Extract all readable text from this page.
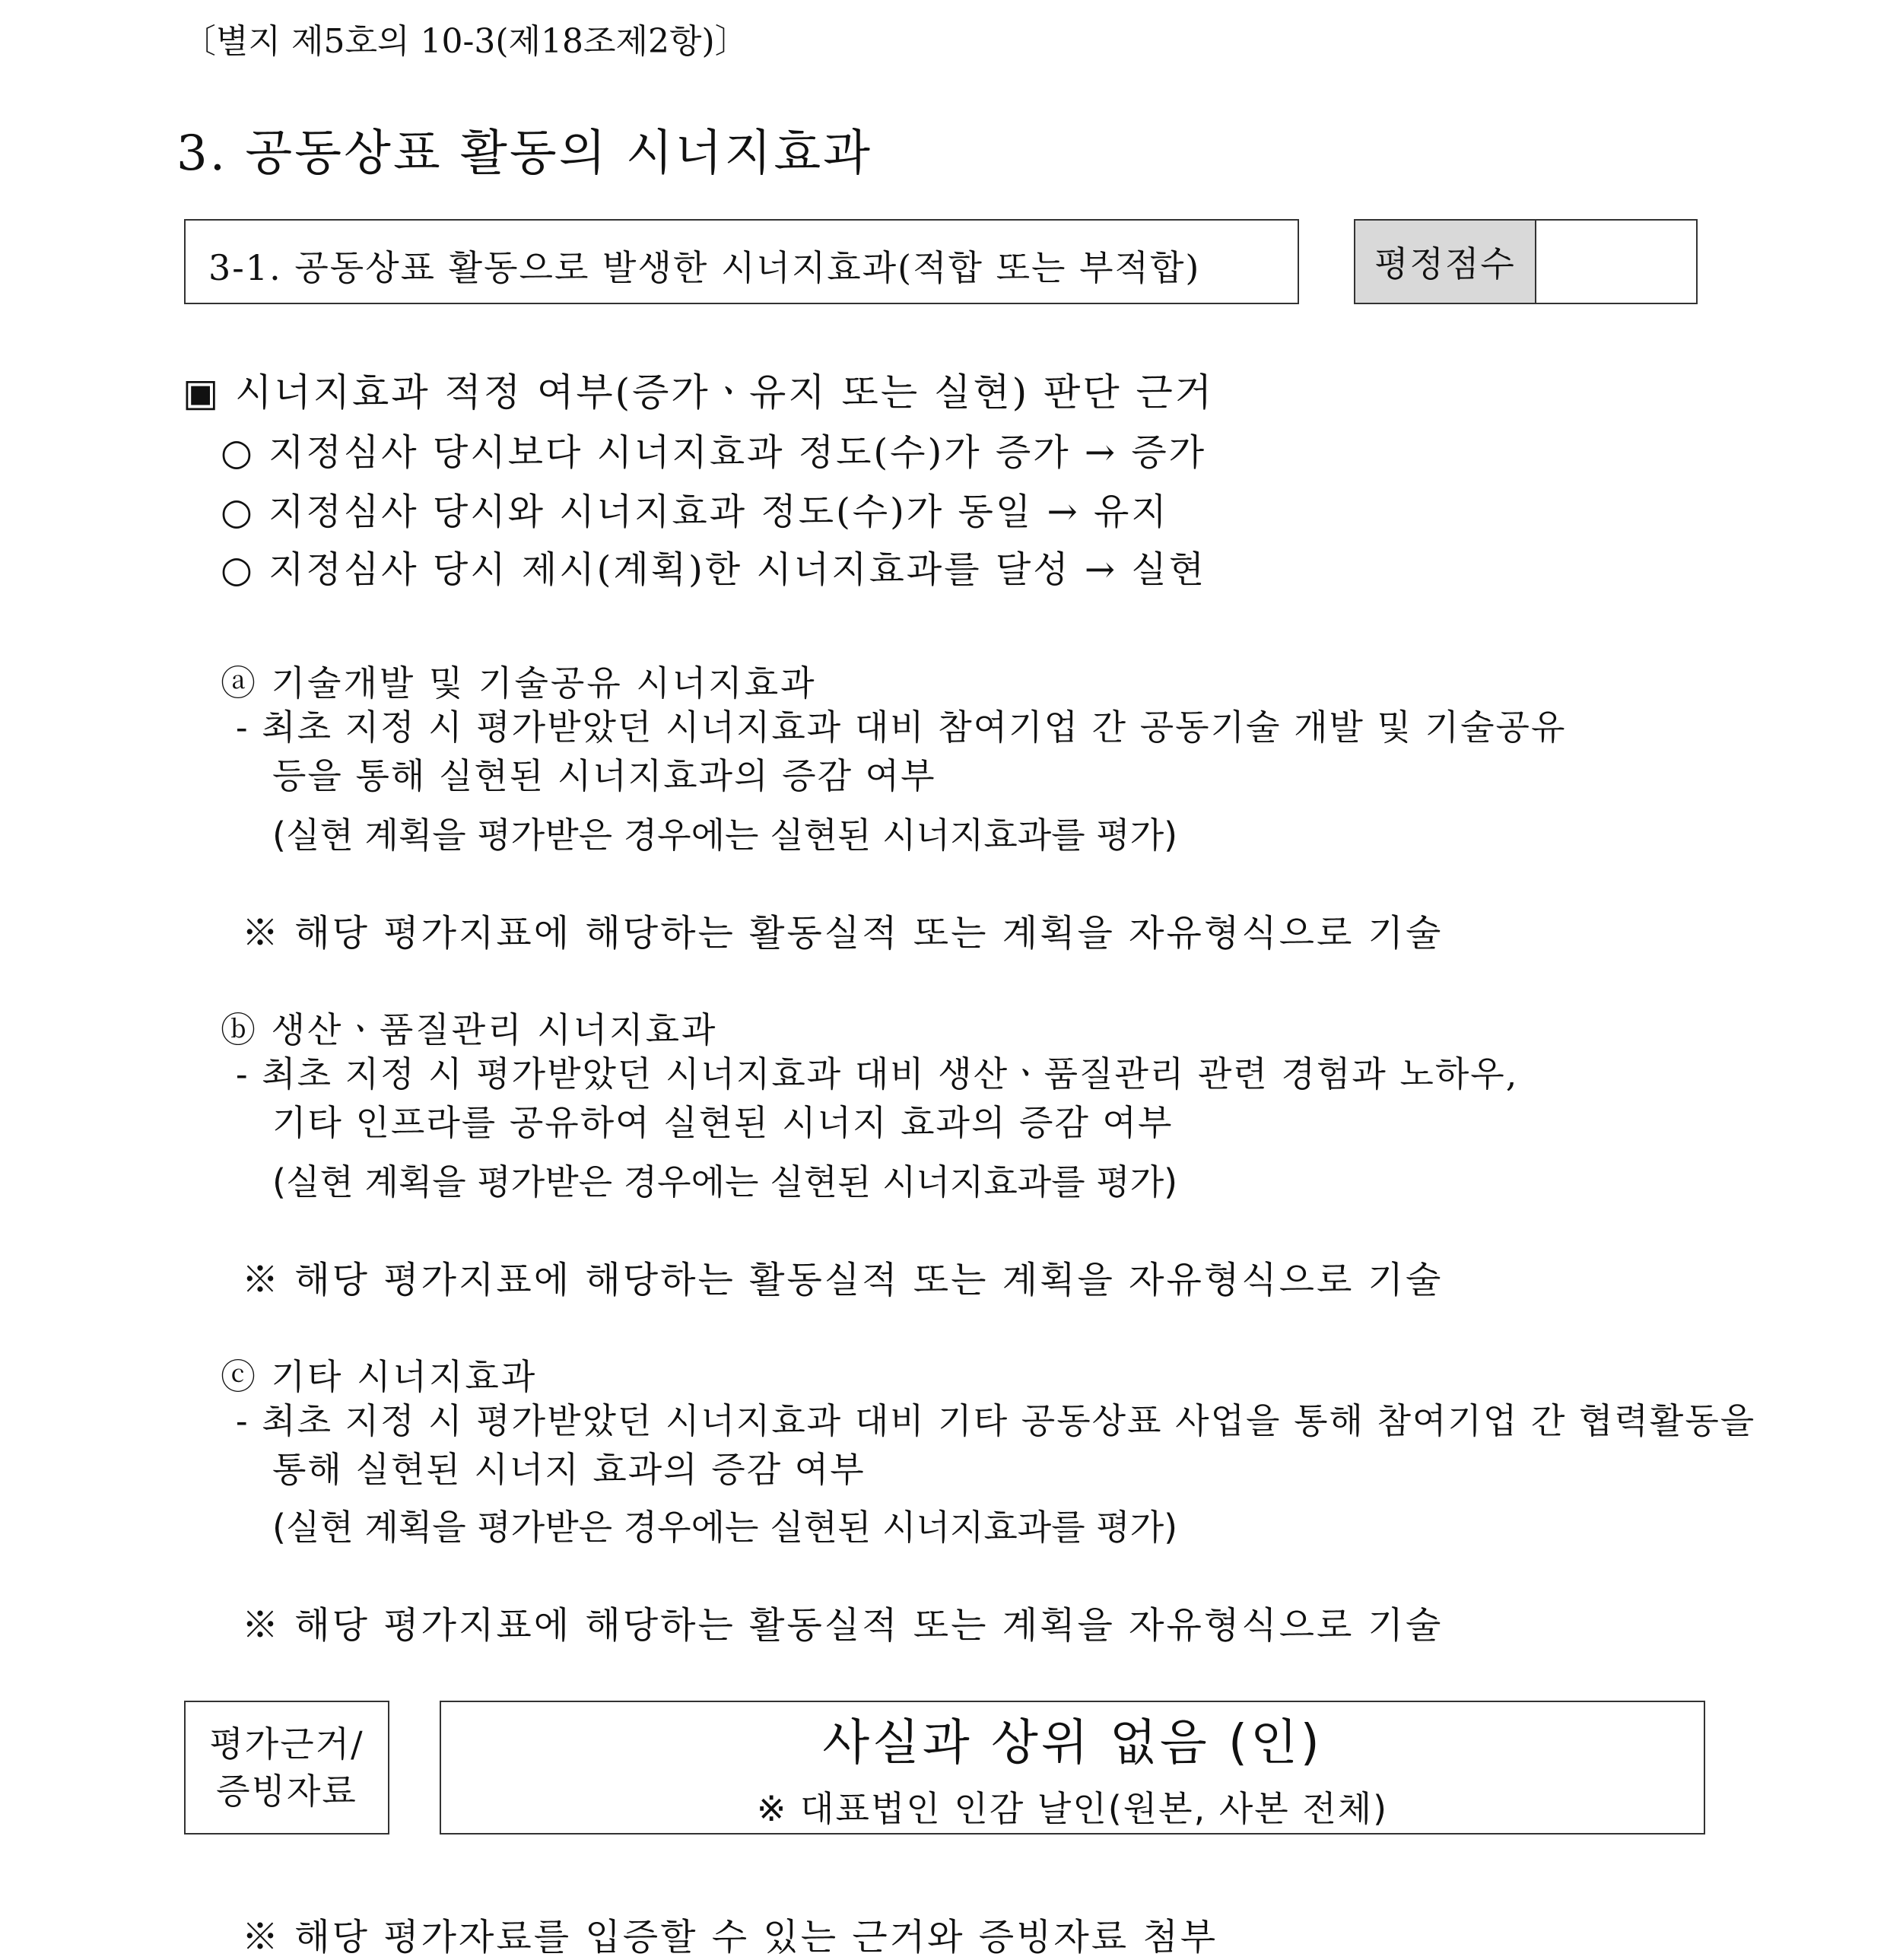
〔별지 제5호의 10-3(제18조제2항)〕
3. 공동상표 활동의 시너지효과
3-1. 공동상표 활동으로 발생한 시너지효과(적합 또는 부적합)	평정점수
▣ 시너지효과 적정 여부(증가ㆍ유지 또는 실현) 판단 근거
○ 지정심사 당시보다 시너지효과 정도(수)가 증가 → 증가
○ 지정심사 당시와 시너지효과 정도(수)가 동일 → 유지
○ 지정심사 당시 제시(계획)한 시너지효과를 달성 → 실현
ⓐ 기술개발 및 기술공유 시너지효과
- 최초 지정 시 평가받았던 시너지효과 대비 참여기업 간 공동기술 개발 및 기술공유
등을 통해 실현된 시너지효과의 증감 여부
(실현 계획을 평가받은 경우에는 실현된 시너지효과를 평가)
※ 해당 평가지표에 해당하는 활동실적 또는 계획을 자유형식으로 기술
ⓑ 생산ㆍ품질관리 시너지효과
- 최초 지정 시 평가받았던 시너지효과 대비 생산ㆍ품질관리 관련 경험과 노하우,
기타 인프라를 공유하여 실현된 시너지 효과의 증감 여부
(실현 계획을 평가받은 경우에는 실현된 시너지효과를 평가)
※ 해당 평가지표에 해당하는 활동실적 또는 계획을 자유형식으로 기술
ⓒ 기타 시너지효과
- 최초 지정 시 평가받았던 시너지효과 대비 기타 공동상표 사업을 통해 참여기업 간 협력활동을
통해 실현된 시너지 효과의 증감 여부
(실현 계획을 평가받은 경우에는 실현된 시너지효과를 평가)
※ 해당 평가지표에 해당하는 활동실적 또는 계획을 자유형식으로 기술
평가근거/
증빙자료
사실과 상위 없음 (인)
※ 대표법인 인감 날인(원본, 사본 전체)
※ 해당 평가자료를 입증할 수 있는 근거와 증빙자료 첨부
